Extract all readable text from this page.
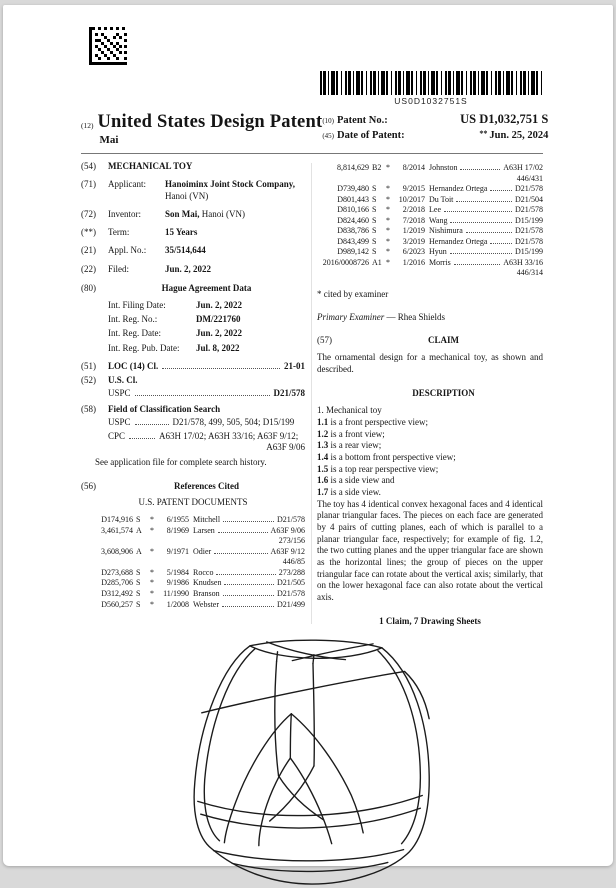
US0D1032751S
(12) United States Design Patent
Mai
(10) Patent No.:	US D1,032,751 S
(45) Date of Patent:	** Jun. 25, 2024
(54)	MECHANICAL TOY
(71)	Applicant:	Hanoiminx Joint Stock Company,
Hanoi (VN)
(72)	Inventor:	Son Mai, Hanoi (VN)
(**)	Term:	15 Years
(21)	Appl. No.:	35/514,644
(22)	Filed:	Jun. 2, 2022
(80)	Hague Agreement Data
Int. Filing Date:	Jun. 2, 2022
Int. Reg. No.:	DM/221760
Int. Reg. Date:	Jun. 2, 2022
Int. Reg. Pub. Date:	Jul. 8, 2022
(51)	LOC (14) Cl.	21-01
(52)	U.S. Cl.
USPC	D21/578
(58)	Field of Classification Search
USPC	D21/578, 499, 505, 504; D15/199
CPC	A63H 17/02; A63H 33/16; A63F 9/12;
A63F 9/06
See application file for complete search history.
(56)	References Cited
U.S. PATENT DOCUMENTS
D174,916 S	*	6/1955 Mitchell	D21/578
3,461,574 A	*	8/1969 Larsen	A63F 9/06
273/156
3,608,906 A	*	9/1971 Odier	A63F 9/12
446/85
D273,688 S	*	5/1984 Rocco	273/288
D285,706 S	*	9/1986 Knudsen	D21/505
D312,492 S	*	11/1990 Branson	D21/578
D560,257 S	*	1/2008 Webster	D21/499
8,814,629 B2 *	8/2014 Johnston	A63H 17/02
446/431
D739,480 S	*	9/2015 Hernandez Ortega	D21/578
D801,443 S	*	10/2017 Du Toit	D21/504
D810,166 S	*	2/2018 Lee	D21/578
D824,460 S	*	7/2018 Wang	D15/199
D838,786 S	*	1/2019 Nishimura	D21/578
D843,499 S	*	3/2019 Hernandez Ortega	D21/578
D989,142 S	*	6/2023 Hyun	D15/199
2016/0008726 A1 *	1/2016 Morris	A63H 33/16
446/314
* cited by examiner
Primary Examiner — Rhea Shields
(57)	CLAIM
The ornamental design for a mechanical toy, as shown and described.
DESCRIPTION
1. Mechanical toy
1.1 is a front perspective view;
1.2 is a front view;
1.3 is a rear view;
1.4 is a bottom front perspective view;
1.5 is a top rear perspective view;
1.6 is a side view and
1.7 is a side view.
The toy has 4 identical convex hexagonal faces and 4 identical planar triangular faces. The pieces on each face are generated by 4 pairs of cutting planes, each of which is parallel to a planar triangular face, respectively; for example of fig. 1.2, the two cutting planes and the upper triangular face are shown as the horizontal lines; the group of pieces on the upper triangular face can rotate about the vertical axis; similarly, that on the lower hexagonal face can also rotate about the vertical axis.
1 Claim, 7 Drawing Sheets
